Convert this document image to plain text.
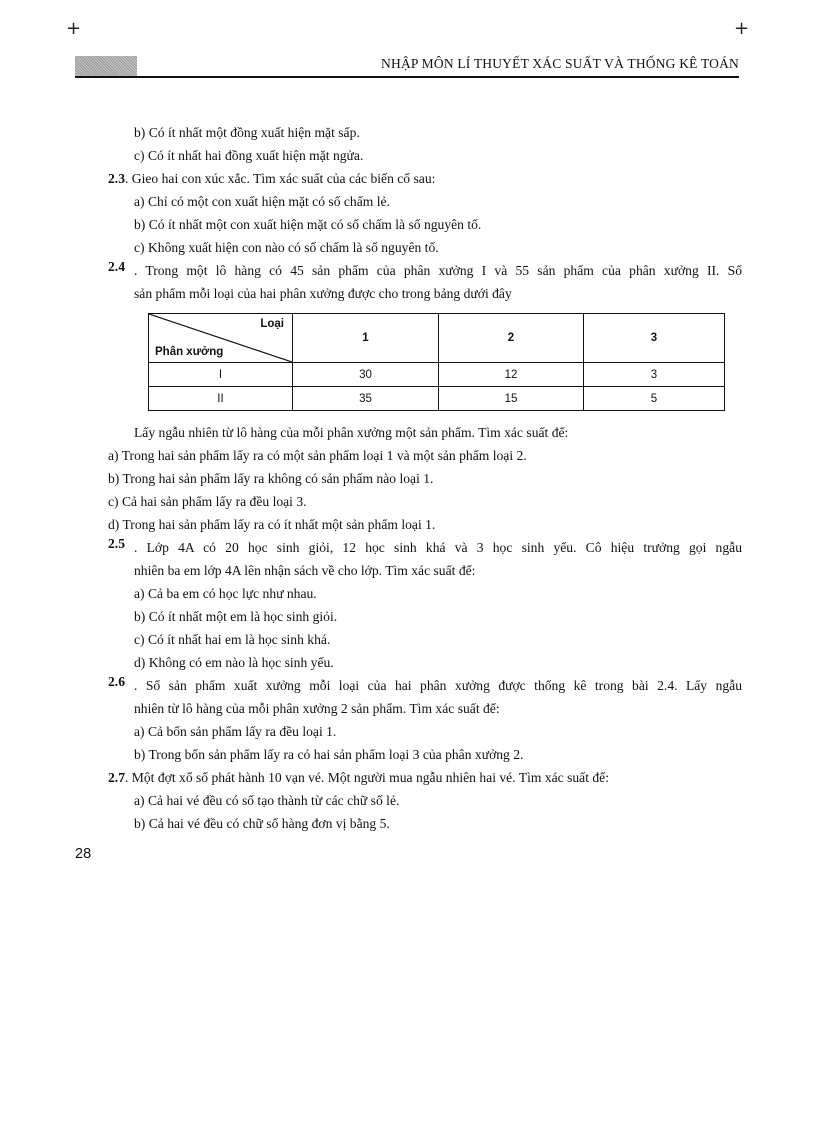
+	+
NHẬP MÔN LÍ THUYẾT XÁC SUẤT VÀ THỐNG KÊ TOÁN
b) Có ít nhất một đồng xuất hiện mặt sấp.
c) Có ít nhất hai đồng xuất hiện mặt ngửa.
2.3. Gieo hai con xúc xắc. Tìm xác suất của các biến cố sau:
a) Chỉ có một con xuất hiện mặt có số chấm lẻ.
b) Có ít nhất một con xuất hiện mặt có số chấm là số nguyên tố.
c) Không xuất hiện con nào có số chấm là số nguyên tố.
2.4 . Trong một lô hàng có 45 sản phẩm của phân xưởng I và 55 sản phẩm của phân xưởng II. Số
sản phẩm mỗi loại của hai phân xưởng được cho trong bảng dưới đây
Loại
Phân xưởng	1	2	3
I	30	12	3
II	35	15	5
Lấy ngẫu nhiên từ lô hàng của mỗi phân xưởng một sản phẩm. Tìm xác suất để:
a) Trong hai sản phẩm lấy ra có một sản phẩm loại 1 và một sản phẩm loại 2.
b) Trong hai sản phẩm lấy ra không có sản phẩm nào loại 1.
c) Cả hai sản phẩm lấy ra đều loại 3.
d) Trong hai sản phẩm lấy ra có ít nhất một sản phẩm loại 1.
2.5 . Lớp 4A có 20 học sinh giỏi, 12 học sinh khá và 3 học sinh yếu. Cô hiệu trưởng gọi ngẫu
nhiên ba em lớp 4A lên nhận sách về cho lớp. Tìm xác suất để:
a) Cả ba em có học lực như nhau.
b) Có ít nhất một em là học sinh giỏi.
c) Có ít nhất hai em là học sinh khá.
d) Không có em nào là học sinh yếu.
2.6 . Số sản phẩm xuất xưởng mỗi loại của hai phân xưởng được thống kê trong bài 2.4. Lấy ngẫu
nhiên từ lô hàng của mỗi phân xưởng 2 sản phẩm. Tìm xác suất để:
a) Cả bốn sản phẩm lấy ra đều loại 1.
b) Trong bốn sản phẩm lấy ra có hai sản phẩm loại 3 của phân xưởng 2.
2.7. Một đợt xổ số phát hành 10 vạn vé. Một người mua ngẫu nhiên hai vé. Tìm xác suất để:
a) Cả hai vé đều có số tạo thành từ các chữ số lẻ.
b) Cả hai vé đều có chữ số hàng đơn vị bằng 5.
28
